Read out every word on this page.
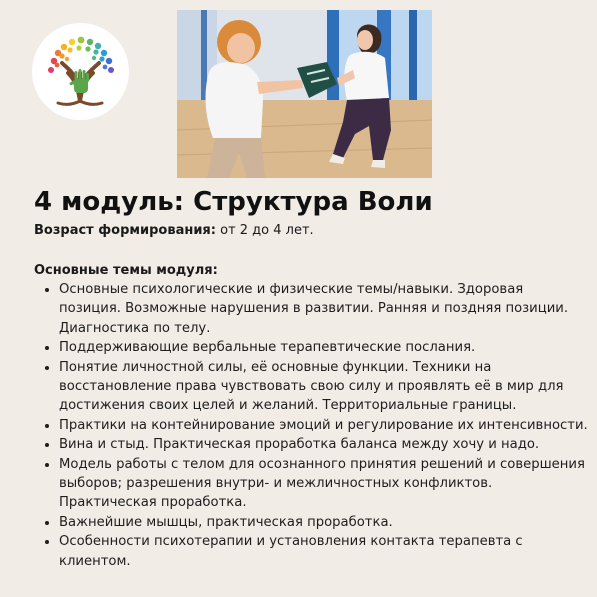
4 модуль: Структура Воли
Возраст формирования: от 2 до 4 лет.
Основные темы модуля:
• Основные психологические и физические темы/навыки. Здоровая позиция. Возможные нарушения в развитии. Ранняя и поздняя позиции. Диагностика по телу.
• Поддерживающие вербальные терапевтические послания.
• Понятие личностной силы, её основные функции. Техники на восстановление права чувствовать свою силу и проявлять её в мир для достижения своих целей и желаний. Территориальные границы.
• Практики на контейнирование эмоций и регулирование их интенсивности.
• Вина и стыд. Практическая проработка баланса между хочу и надо.
• Модель работы с телом для осознанного принятия решений и совершения выборов; разрешения внутри- и межличностных конфликтов. Практическая проработка.
• Важнейшие мышцы, практическая проработка.
• Особенности психотерапии и установления контакта терапевта с клиентом.
